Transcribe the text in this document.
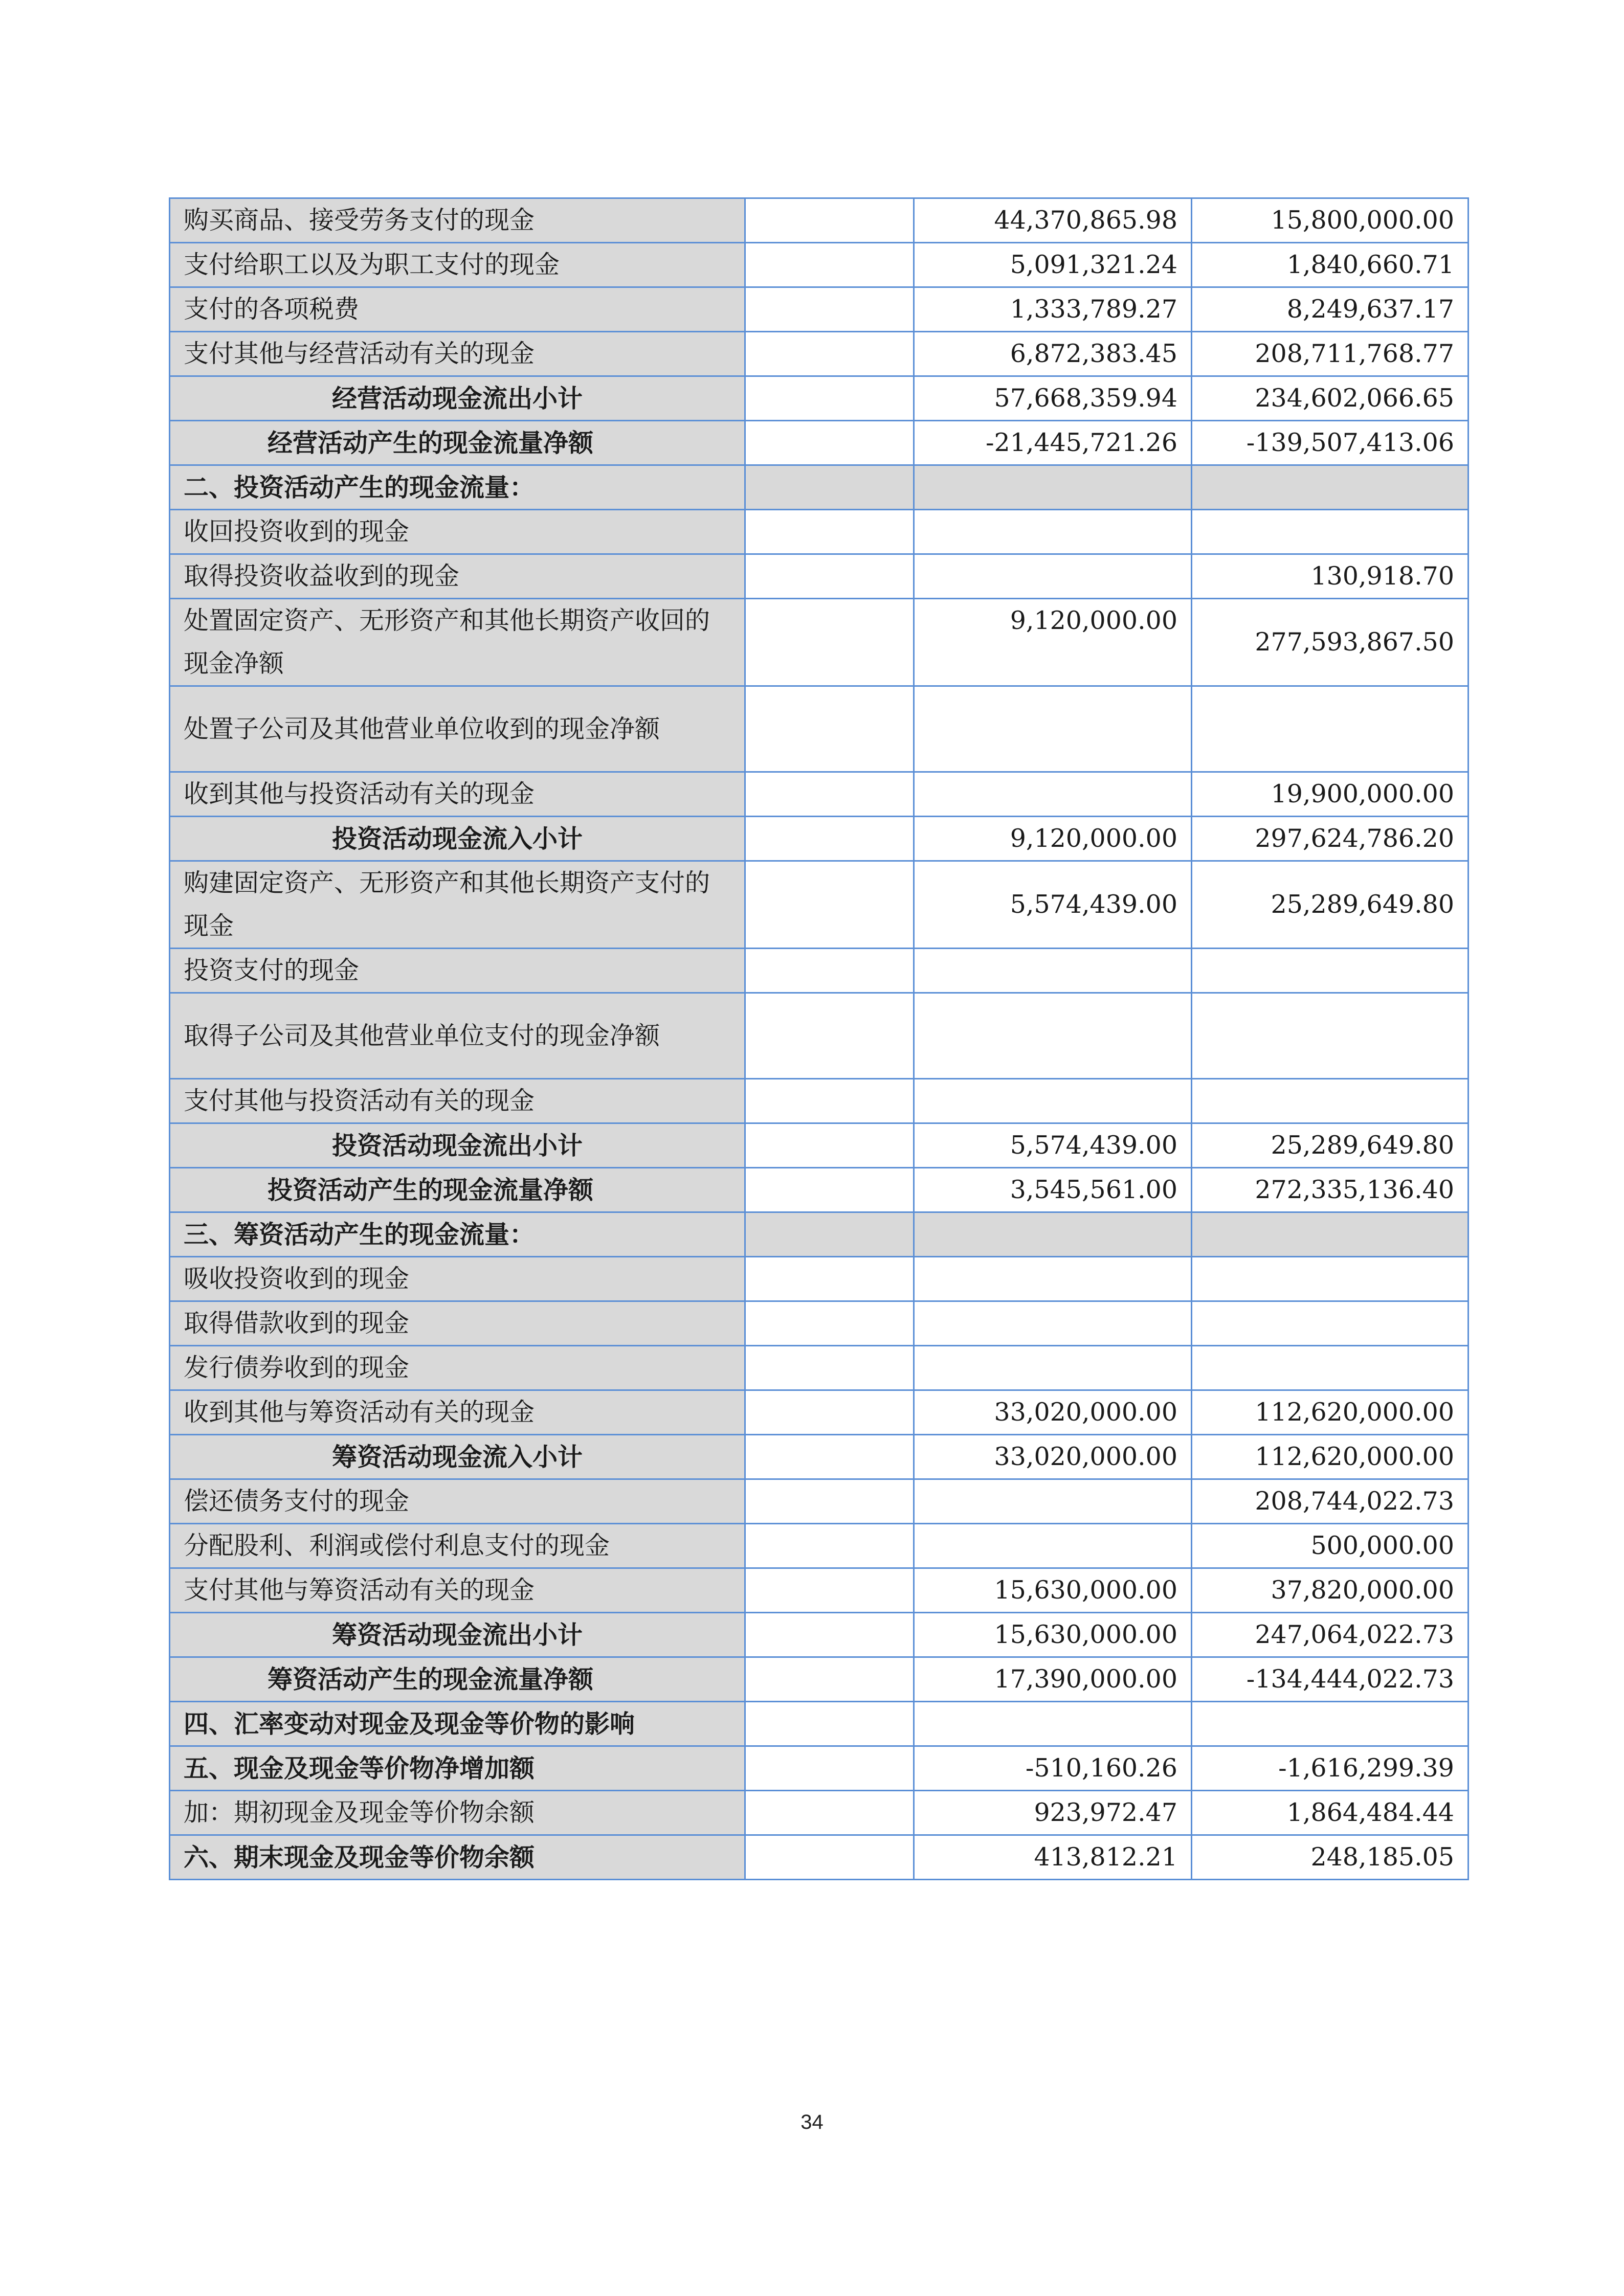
购买商品、接受劳务支付的现金		44,370,865.98	15,800,000.00
支付给职工以及为职工支付的现金		5,091,321.24	1,840,660.71
支付的各项税费		1,333,789.27	8,249,637.17
支付其他与经营活动有关的现金		6,872,383.45	208,711,768.77
经营活动现金流出小计		57,668,359.94	234,602,066.65
经营活动产生的现金流量净额		-21,445,721.26	-139,507,413.06
二、投资活动产生的现金流量：			
收回投资收到的现金			
取得投资收益收到的现金			130,918.70
处置固定资产、无形资产和其他长期资产收回的现金净额		9,120,000.00	277,593,867.50
处置子公司及其他营业单位收到的现金净额			
收到其他与投资活动有关的现金			19,900,000.00
投资活动现金流入小计		9,120,000.00	297,624,786.20
购建固定资产、无形资产和其他长期资产支付的现金		5,574,439.00	25,289,649.80
投资支付的现金			
取得子公司及其他营业单位支付的现金净额			
支付其他与投资活动有关的现金			
投资活动现金流出小计		5,574,439.00	25,289,649.80
投资活动产生的现金流量净额		3,545,561.00	272,335,136.40
三、筹资活动产生的现金流量：			
吸收投资收到的现金			
取得借款收到的现金			
发行债券收到的现金			
收到其他与筹资活动有关的现金		33,020,000.00	112,620,000.00
筹资活动现金流入小计		33,020,000.00	112,620,000.00
偿还债务支付的现金			208,744,022.73
分配股利、利润或偿付利息支付的现金			500,000.00
支付其他与筹资活动有关的现金		15,630,000.00	37,820,000.00
筹资活动现金流出小计		15,630,000.00	247,064,022.73
筹资活动产生的现金流量净额		17,390,000.00	-134,444,022.73
四、汇率变动对现金及现金等价物的影响			
五、现金及现金等价物净增加额		-510,160.26	-1,616,299.39
加：期初现金及现金等价物余额		923,972.47	1,864,484.44
六、期末现金及现金等价物余额		413,812.21	248,185.05
34
